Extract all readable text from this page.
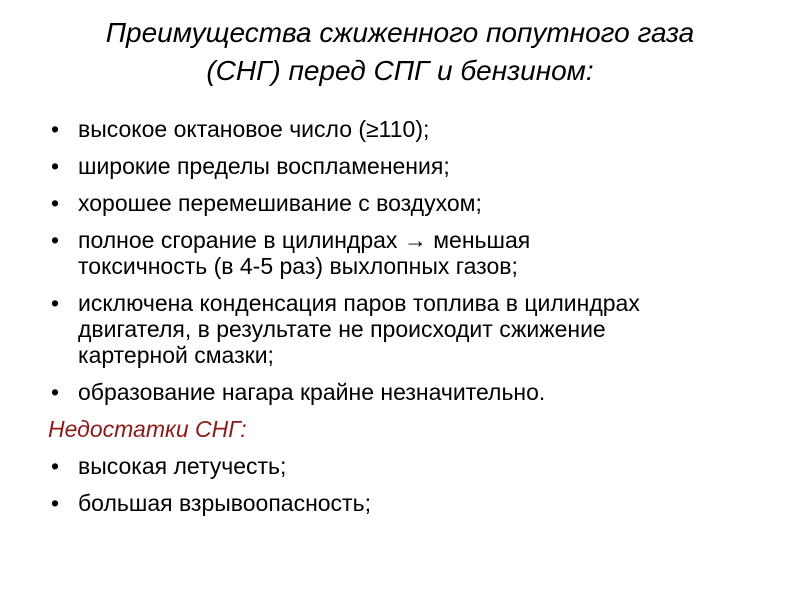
Преимущества сжиженного попутного газа
(СНГ) перед СПГ и бензином:
• высокое октановое число (≥110);
• широкие пределы воспламенения;
• хорошее перемешивание с воздухом;
• полное сгорание в цилиндрах → меньшая
токсичность (в 4-5 раз) выхлопных газов;
• исключена конденсация паров топлива в цилиндрах
двигателя, в результате не происходит сжижение
картерной смазки;
• образование нагара крайне незначительно.
Недостатки СНГ:
• высокая летучесть;
• большая взрывоопасность;
